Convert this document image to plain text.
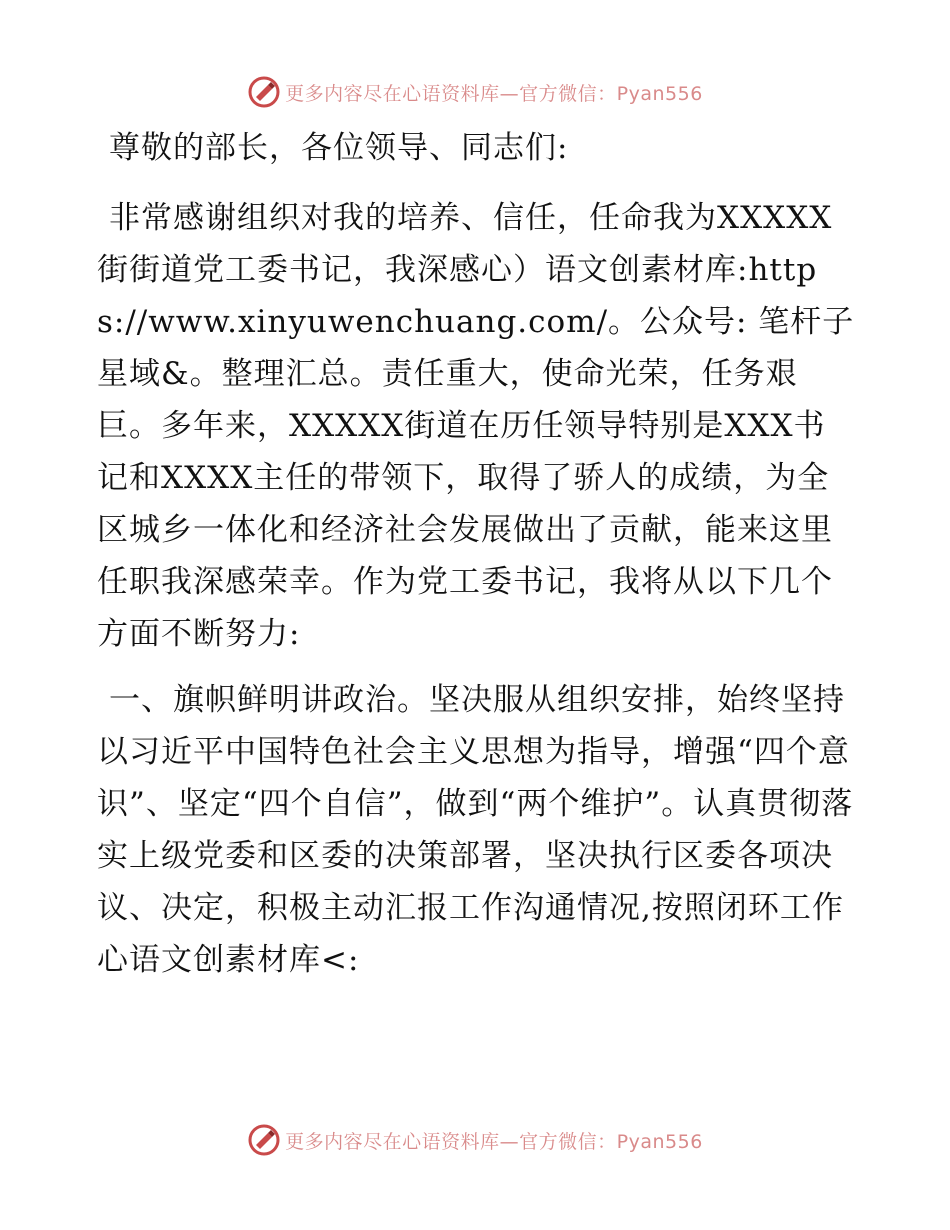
更多内容尽在心语资料库—官方微信：Pyan556

尊敬的部长，各位领导、同志们:

非常感谢组织对我的培养、信任，任命我为XXXXX街街道党工委书记，我深感心）语文创素材库:https://www.xinyuwenchuang.com/。公众号: 笔杆子星域&。整理汇总。责任重大，使命光荣，任务艰巨。多年来，XXXXX街道在历任领导特别是XXX书记和XXXX主任的带领下，取得了骄人的成绩，为全区城乡一体化和经济社会发展做出了贡献，能来这里任职我深感荣幸。作为党工委书记，我将从以下几个方面不断努力:

一、旗帜鲜明讲政治。坚决服从组织安排，始终坚持以习近平中国特色社会主义思想为指导，增强“四个意识”、坚定“四个自信”，做到“两个维护”。认真贯彻落实上级党委和区委的决策部署，坚决执行区委各项决议、决定，积极主动汇报工作沟通情况,按照闭环工作心语文创素材库<:

更多内容尽在心语资料库—官方微信：Pyan556
